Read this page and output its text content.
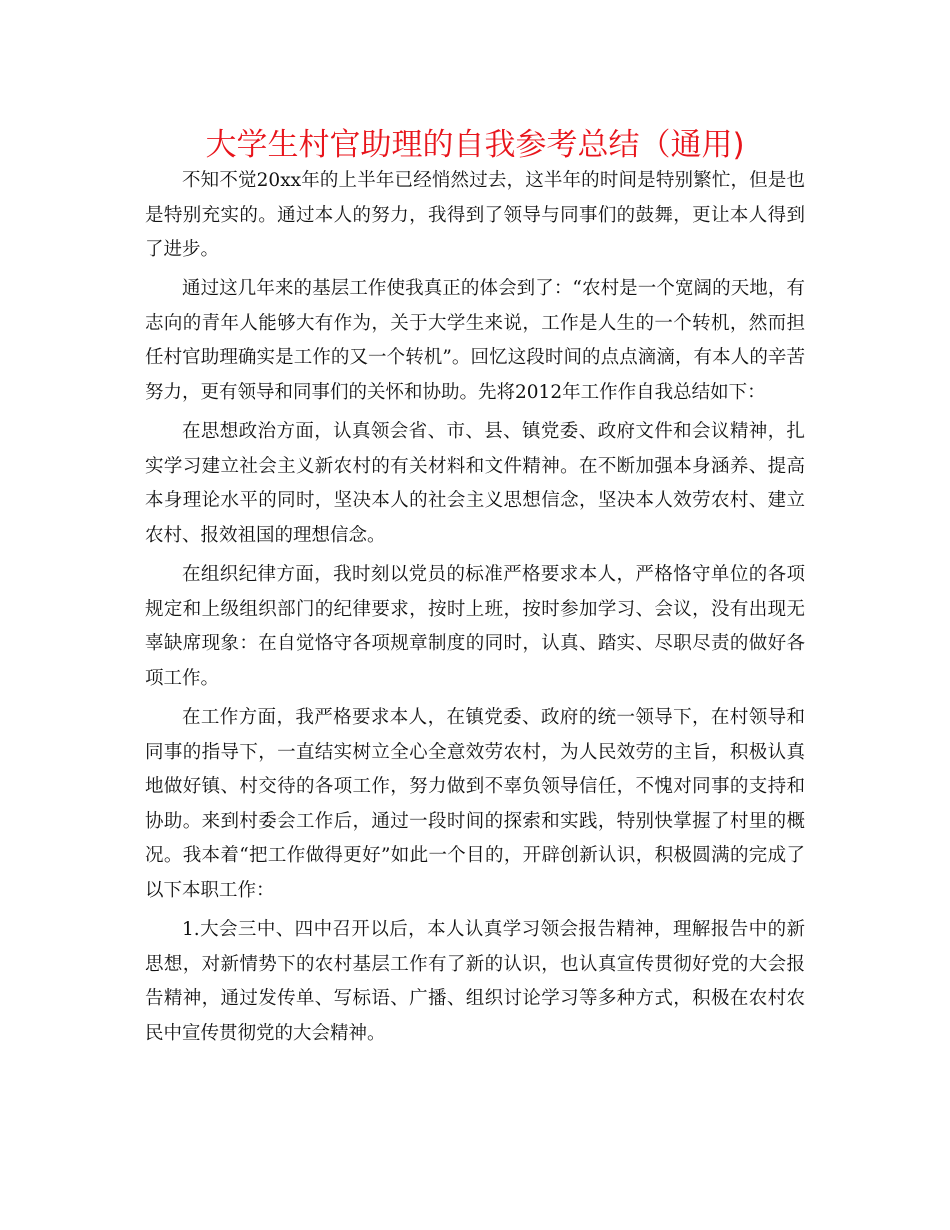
大学生村官助理的自我参考总结（通用)

不知不觉20xx年的上半年已经悄然过去，这半年的时间是特别繁忙，但是也是特别充实的。通过本人的努力，我得到了领导与同事们的鼓舞，更让本人得到了进步。

通过这几年来的基层工作使我真正的体会到了：“农村是一个宽阔的天地，有志向的青年人能够大有作为，关于大学生来说，工作是人生的一个转机，然而担任村官助理确实是工作的又一个转机”。回忆这段时间的点点滴滴，有本人的辛苦努力，更有领导和同事们的关怀和协助。先将2012年工作作自我总结如下：

在思想政治方面，认真领会省、市、县、镇党委、政府文件和会议精神，扎实学习建立社会主义新农村的有关材料和文件精神。在不断加强本身涵养、提高本身理论水平的同时，坚决本人的社会主义思想信念，坚决本人效劳农村、建立农村、报效祖国的理想信念。

在组织纪律方面，我时刻以党员的标准严格要求本人，严格恪守单位的各项规定和上级组织部门的纪律要求，按时上班，按时参加学习、会议，没有出现无辜缺席现象：在自觉恪守各项规章制度的同时，认真、踏实、尽职尽责的做好各项工作。

在工作方面，我严格要求本人，在镇党委、政府的统一领导下，在村领导和同事的指导下，一直结实树立全心全意效劳农村，为人民效劳的主旨，积极认真地做好镇、村交待的各项工作，努力做到不辜负领导信任，不愧对同事的支持和协助。来到村委会工作后，通过一段时间的探索和实践，特别快掌握了村里的概况。我本着“把工作做得更好”如此一个目的，开辟创新认识，积极圆满的完成了以下本职工作：

1.大会三中、四中召开以后，本人认真学习领会报告精神，理解报告中的新思想，对新情势下的农村基层工作有了新的认识，也认真宣传贯彻好党的大会报告精神，通过发传单、写标语、广播、组织讨论学习等多种方式，积极在农村农民中宣传贯彻党的大会精神。
